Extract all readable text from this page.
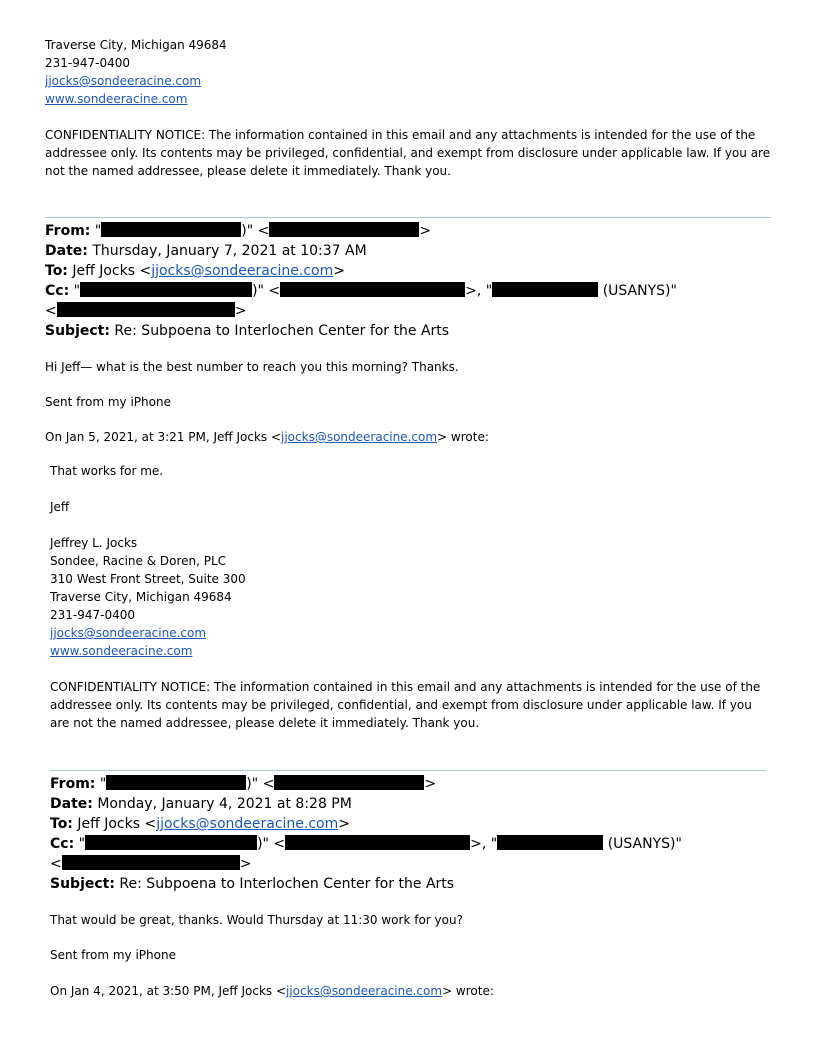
Traverse City, Michigan 49684
231-947-0400
jjocks@sondeeracine.com
www.sondeeracine.com
CONFIDENTIALITY NOTICE: The information contained in this email and any attachments is intended for the use of the
addressee only. Its contents may be privileged, confidential, and exempt from disclosure under applicable law. If you are
not the named addressee, please delete it immediately. Thank you.
From: "	)" <	>
Date: Thursday, January 7, 2021 at 10:37 AM
To: Jeff Jocks <jjocks@sondeeracine.com>
Cc: "	)" <	>, "	(USANYS)"
<	>
Subject: Re: Subpoena to Interlochen Center for the Arts
Hi Jeff— what is the best number to reach you this morning? Thanks.
Sent from my iPhone
On Jan 5, 2021, at 3:21 PM, Jeff Jocks <jjocks@sondeeracine.com> wrote:
That works for me.
Jeff
Jeffrey L. Jocks
Sondee, Racine & Doren, PLC
310 West Front Street, Suite 300
Traverse City, Michigan 49684
231-947-0400
jjocks@sondeeracine.com
www.sondeeracine.com
CONFIDENTIALITY NOTICE: The information contained in this email and any attachments is intended for the use of the
addressee only. Its contents may be privileged, confidential, and exempt from disclosure under applicable law. If you
are not the named addressee, please delete it immediately. Thank you.
From: "	)" <	>
Date: Monday, January 4, 2021 at 8:28 PM
To: Jeff Jocks <jjocks@sondeeracine.com>
Cc: "	)" <	>, "	(USANYS)"
<	>
Subject: Re: Subpoena to Interlochen Center for the Arts
That would be great, thanks. Would Thursday at 11:30 work for you?
Sent from my iPhone
On Jan 4, 2021, at 3:50 PM, Jeff Jocks <jjocks@sondeeracine.com> wrote:
